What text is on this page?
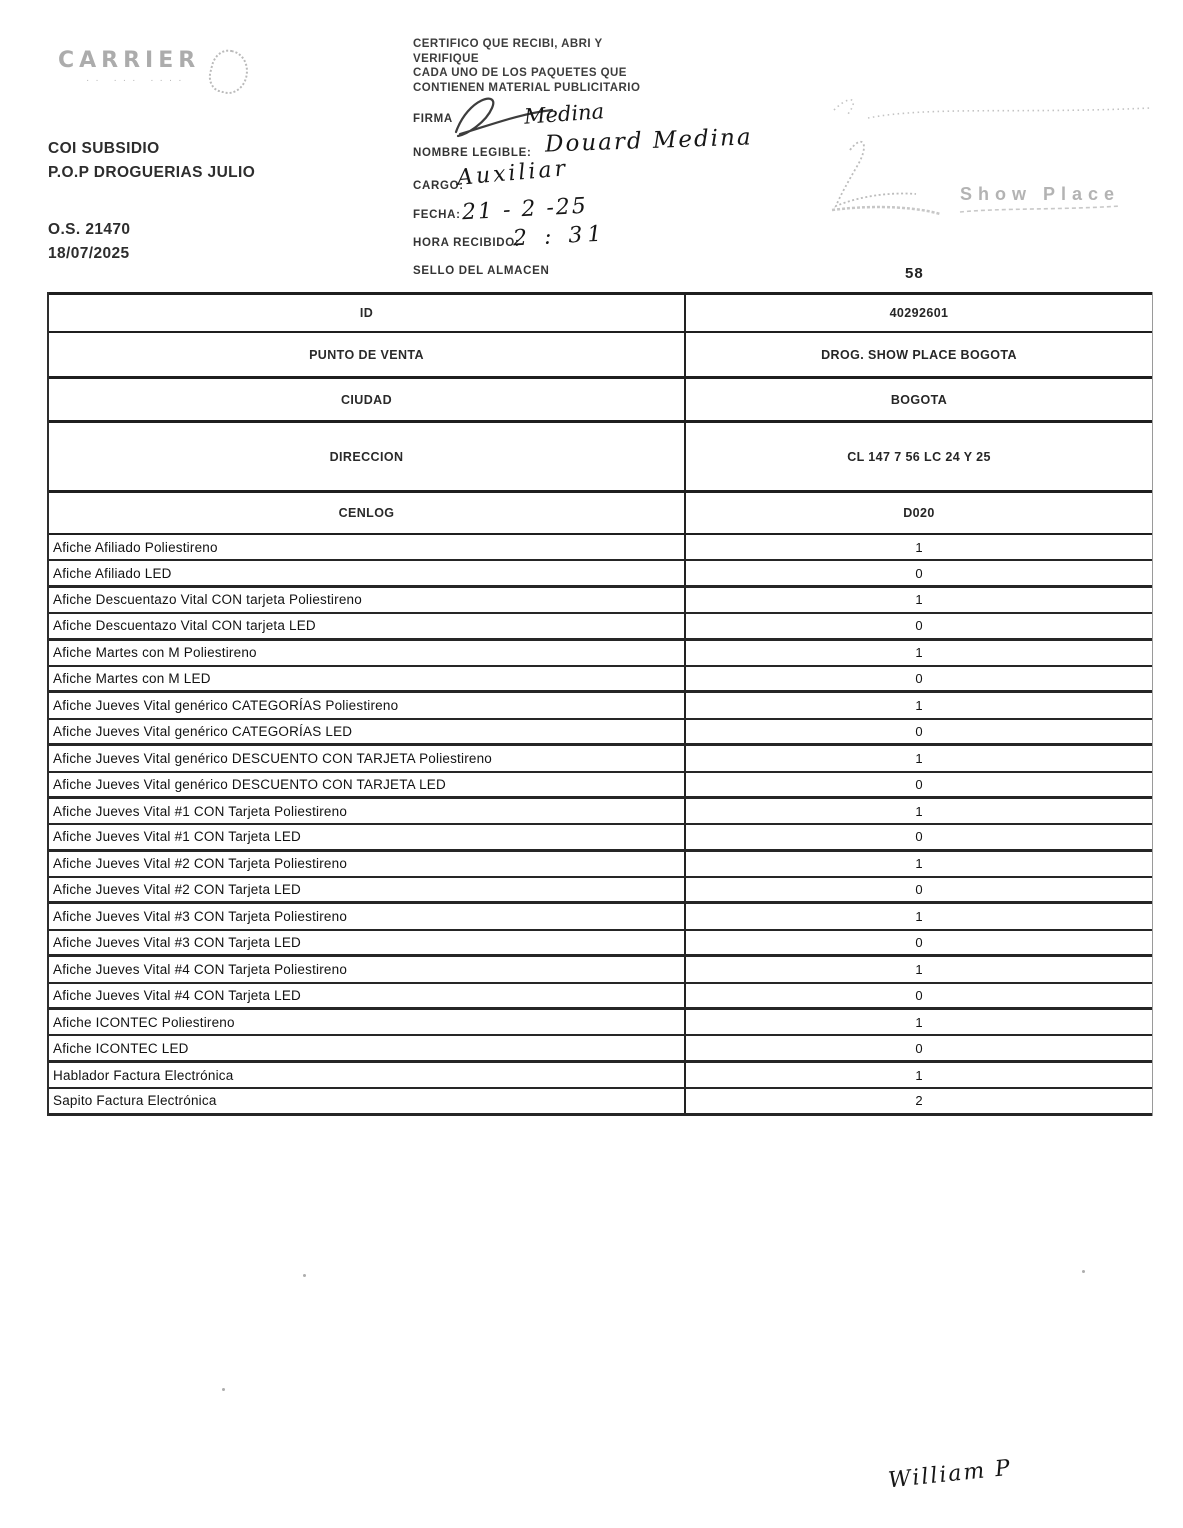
CARRIER
·· ··· ····
COI SUBSIDIO
P.O.P DROGUERIAS JULIO
O.S. 21470
18/07/2025
CERTIFICO QUE RECIBI, ABRI Y
VERIFIQUE
CADA UNO DE LOS PAQUETES QUE
CONTIENEN MATERIAL PUBLICITARIO
FIRMA	Medina
NOMBRE LEGIBLE: Douard Medina
CARGO:
Auxiliar
FECHA: 21 - 2 -25
HORA RECIBIDO:
2 : 31
SELLO DEL ALMACEN
Show Place
58
ID	40292601
PUNTO DE VENTA	DROG. SHOW PLACE BOGOTA
CIUDAD	BOGOTA
DIRECCION	CL 147 7 56 LC 24 Y 25
CENLOG	D020
Afiche Afiliado Poliestireno	1
Afiche Afiliado LED	0
Afiche Descuentazo Vital CON tarjeta Poliestireno	1
Afiche Descuentazo Vital CON tarjeta LED	0
Afiche Martes con M Poliestireno	1
Afiche Martes con M LED	0
Afiche Jueves Vital genérico CATEGORÍAS Poliestireno	1
Afiche Jueves Vital genérico CATEGORÍAS LED	0
Afiche Jueves Vital genérico DESCUENTO CON TARJETA Poliestireno	1
Afiche Jueves Vital genérico DESCUENTO CON TARJETA LED	0
Afiche Jueves Vital #1 CON Tarjeta Poliestireno	1
Afiche Jueves Vital #1 CON Tarjeta LED	0
Afiche Jueves Vital #2 CON Tarjeta Poliestireno	1
Afiche Jueves Vital #2 CON Tarjeta LED	0
Afiche Jueves Vital #3 CON Tarjeta Poliestireno	1
Afiche Jueves Vital #3 CON Tarjeta LED	0
Afiche Jueves Vital #4 CON Tarjeta Poliestireno	1
Afiche Jueves Vital #4 CON Tarjeta LED	0
Afiche ICONTEC Poliestireno	1
Afiche ICONTEC LED	0
Hablador Factura Electrónica	1
Sapito Factura Electrónica	2
William P
